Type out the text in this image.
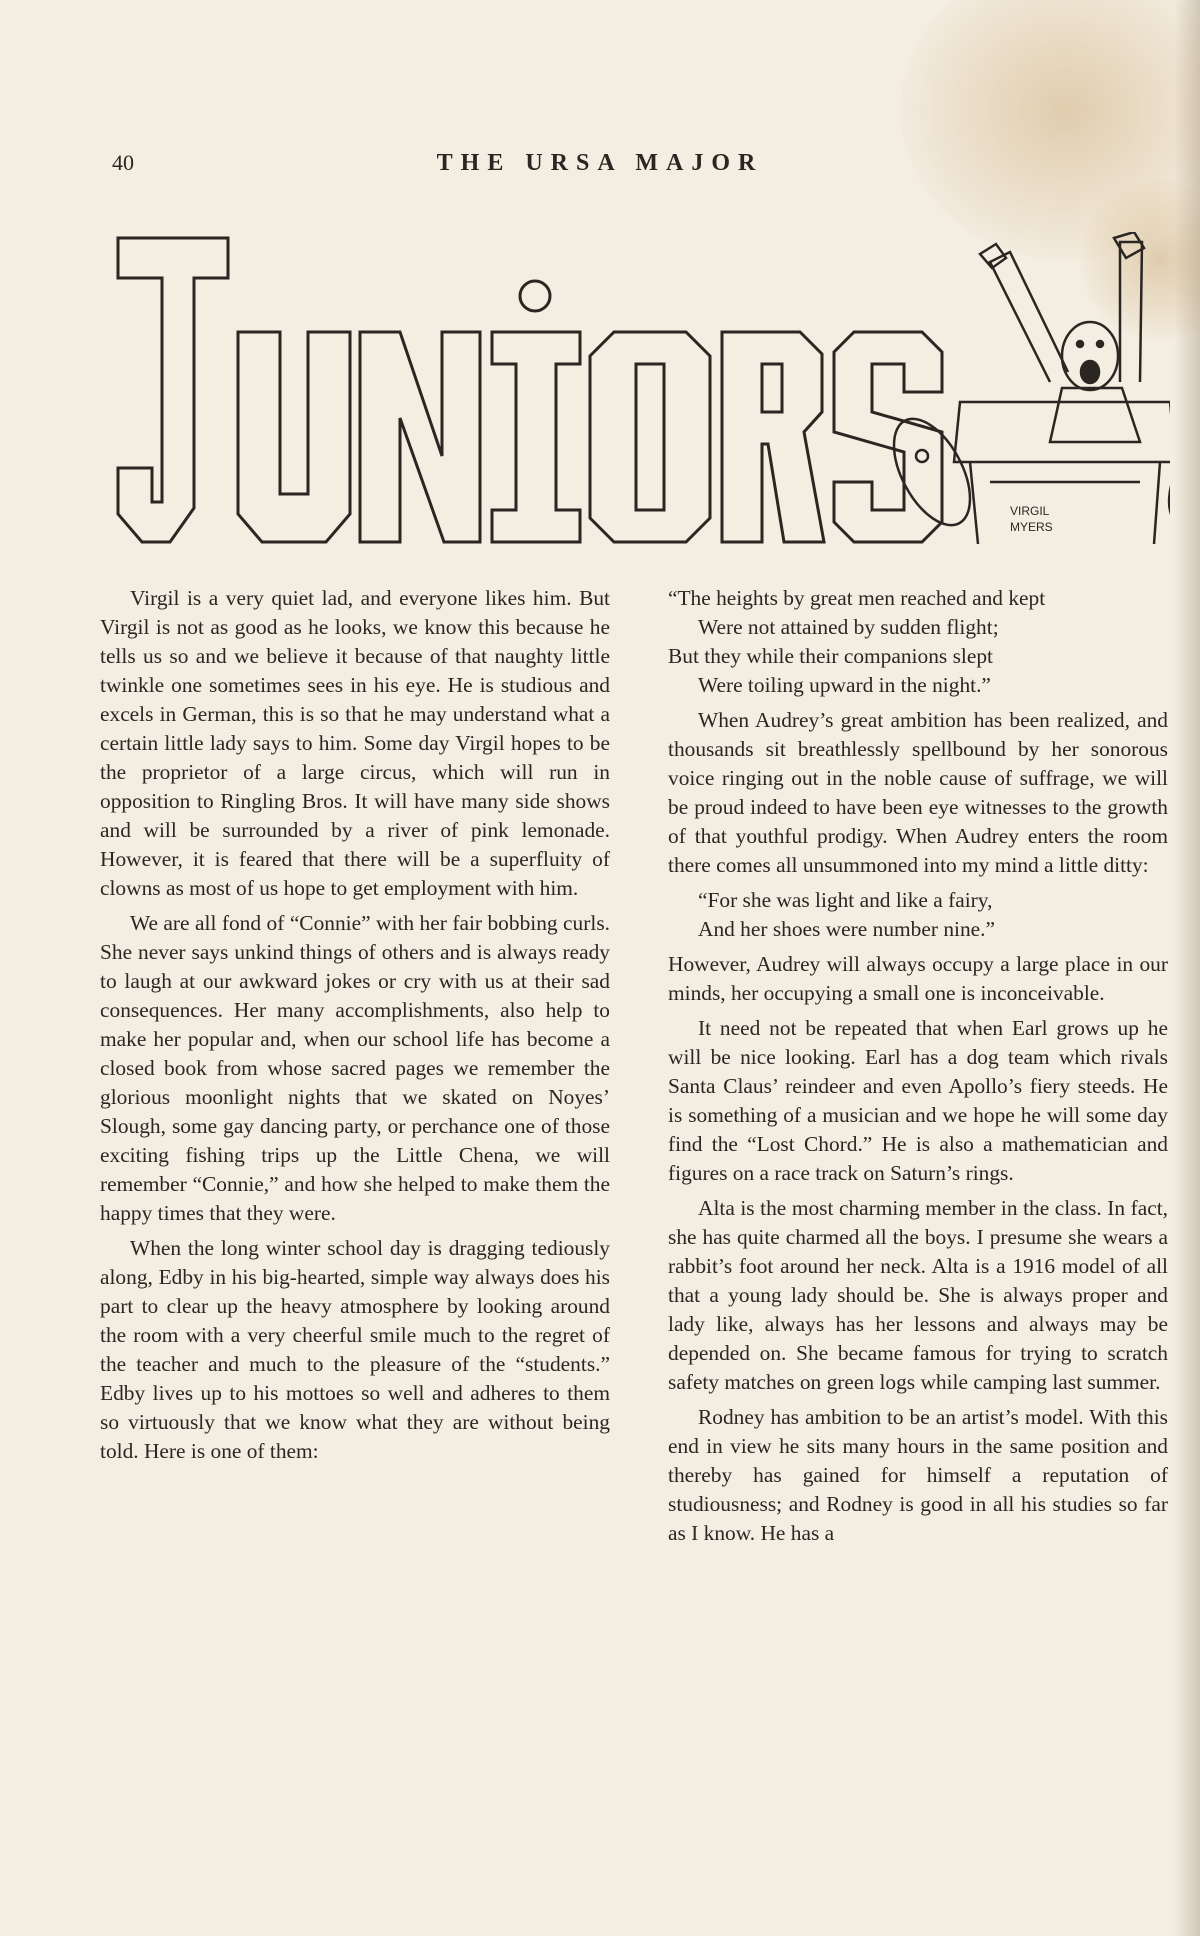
40	THE URSA MAJOR
VIRGIL
MYERS

Virgil is a very quiet lad, and everyone likes him. But Virgil is not as good as he looks, we know this because he tells us so and we believe it because of that naughty little twinkle one sometimes sees in his eye. He is studious and excels in German, this is so that he may understand what a certain little lady says to him. Some day Virgil hopes to be the proprietor of a large circus, which will run in opposition to Ringling Bros. It will have many side shows and will be surrounded by a river of pink lemonade. However, it is feared that there will be a superfluity of clowns as most of us hope to get employment with him.

We are all fond of “Connie” with her fair bobbing curls. She never says unkind things of others and is always ready to laugh at our awkward jokes or cry with us at their sad consequences. Her many accomplishments, also help to make her popular and, when our school life has become a closed book from whose sacred pages we remember the glorious moonlight nights that we skated on Noyes’ Slough, some gay dancing party, or perchance one of those exciting fishing trips up the Little Chena, we will remember “Connie,” and how she helped to make them the happy times that they were.

When the long winter school day is dragging tediously along, Edby in his big-hearted, simple way always does his part to clear up the heavy atmosphere by looking around the room with a very cheerful smile much to the regret of the teacher and much to the pleasure of the “students.” Edby lives up to his mottoes so well and adheres to them so virtuously that we know what they are without being told. Here is one of them:

“The heights by great men reached and kept
Were not attained by sudden flight;
But they while their companions slept
Were toiling upward in the night.”

When Audrey’s great ambition has been realized, and thousands sit breathlessly spellbound by her sonorous voice ringing out in the noble cause of suffrage, we will be proud indeed to have been eye witnesses to the growth of that youthful prodigy. When Audrey enters the room there comes all unsummoned into my mind a little ditty:

“For she was light and like a fairy,
And her shoes were number nine.”

However, Audrey will always occupy a large place in our minds, her occupying a small one is inconceivable.

It need not be repeated that when Earl grows up he will be nice looking. Earl has a dog team which rivals Santa Claus’ reindeer and even Apollo’s fiery steeds. He is something of a musician and we hope he will some day find the “Lost Chord.” He is also a mathematician and figures on a race track on Saturn’s rings.

Alta is the most charming member in the class. In fact, she has quite charmed all the boys. I presume she wears a rabbit’s foot around her neck. Alta is a 1916 model of all that a young lady should be. She is always proper and lady like, always has her lessons and always may be depended on. She became famous for trying to scratch safety matches on green logs while camping last summer.

Rodney has ambition to be an artist’s model. With this end in view he sits many hours in the same position and thereby has gained for himself a reputation of studiousness; and Rodney is good in all his studies so far as I know. He has a
